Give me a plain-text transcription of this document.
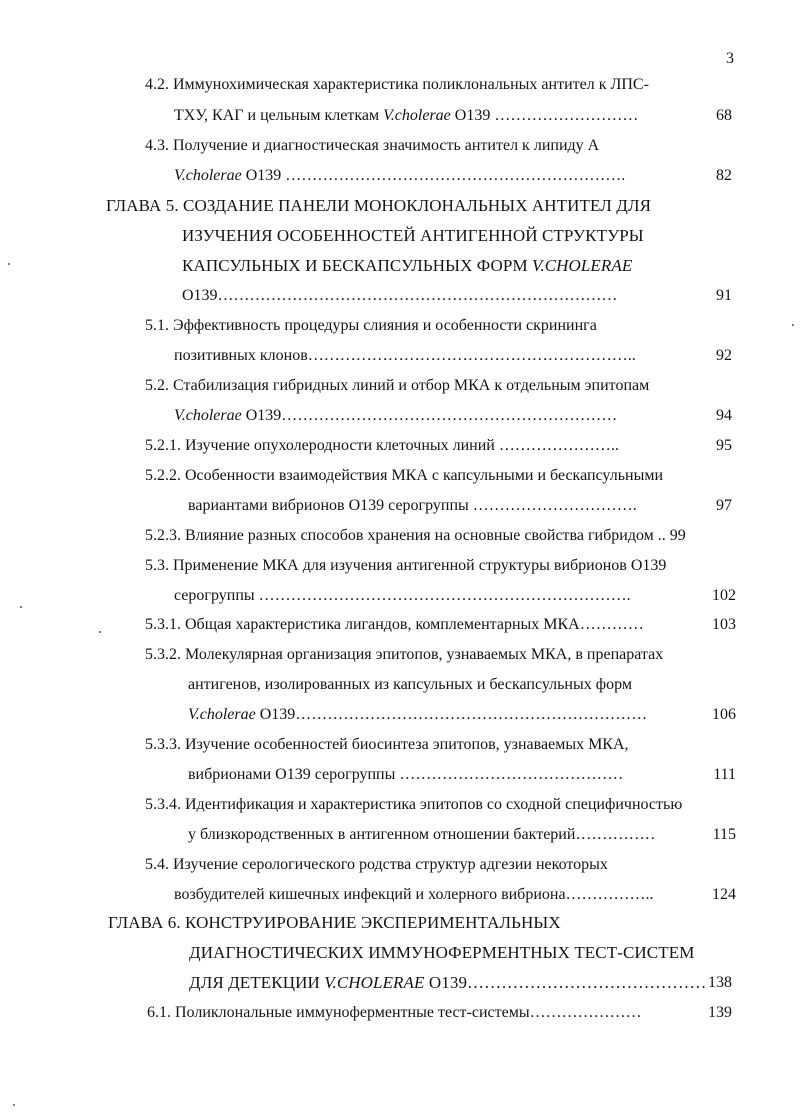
3
4.2. Иммунохимическая характеристика поликлональных антител к ЛПС-
ТХУ, КАГ и цельным клеткам V.cholerae О139 ………………………	68
4.3. Получение и диагностическая значимость антител к липиду А
V.cholerae О139 ……………………………………………………….	82
ГЛАВА 5. СОЗДАНИЕ ПАНЕЛИ МОНОКЛОНАЛЬНЫХ АНТИТЕЛ ДЛЯ
ИЗУЧЕНИЯ ОСОБЕННОСТЕЙ АНТИГЕННОЙ СТРУКТУРЫ
КАПСУЛЬНЫХ И БЕСКАПСУЛЬНЫХ ФОРМ V.CHOLERAE
О139…………………………………………………………………	91
5.1. Эффективность процедуры слияния и особенности скрининга
позитивных клонов……………………………………………………..	92
5.2. Стабилизация гибридных линий и отбор МКА к отдельным эпитопам
V.cholerae О139………………………………………………………	94
5.2.1. Изучение опухолеродности клеточных линий …………………..	95
5.2.2. Особенности взаимодействия МКА с капсульными и бескапсульными
вариантами вибрионов О139 серогруппы ………………………….	97
5.2.3. Влияние разных способов хранения на основные свойства гибридом .. 99
5.3. Применение МКА для изучения антигенной структуры вибрионов О139
серогруппы …………………………………………………………….	102
5.3.1. Общая характеристика лигандов, комплементарных МКА…………	103
5.3.2. Молекулярная организация эпитопов, узнаваемых МКА, в препаратах
антигенов, изолированных из капсульных и бескапсульных форм
V.cholerae О139…………………………………………………………	106
5.3.3. Изучение особенностей биосинтеза эпитопов, узнаваемых МКА,
вибрионами О139 серогруппы ……………………………………	111
5.3.4. Идентификация и характеристика эпитопов со сходной специфичностью
у близкородственных в антигенном отношении бактерий……………	115
5.4. Изучение серологического родства структур адгезии некоторых
возбудителей кишечных инфекций и холерного вибриона……………..	124
ГЛАВА 6. КОНСТРУИРОВАНИЕ ЭКСПЕРИМЕНТАЛЬНЫХ
ДИАГНОСТИЧЕСКИХ ИММУНОФЕРМЕНТНЫХ ТЕСТ-СИСТЕМ
ДЛЯ ДЕТЕКЦИИ V.CHOLERAE О139…………………………………… 138
6.1. Поликлональные иммуноферментные тест-системы…………………	139
